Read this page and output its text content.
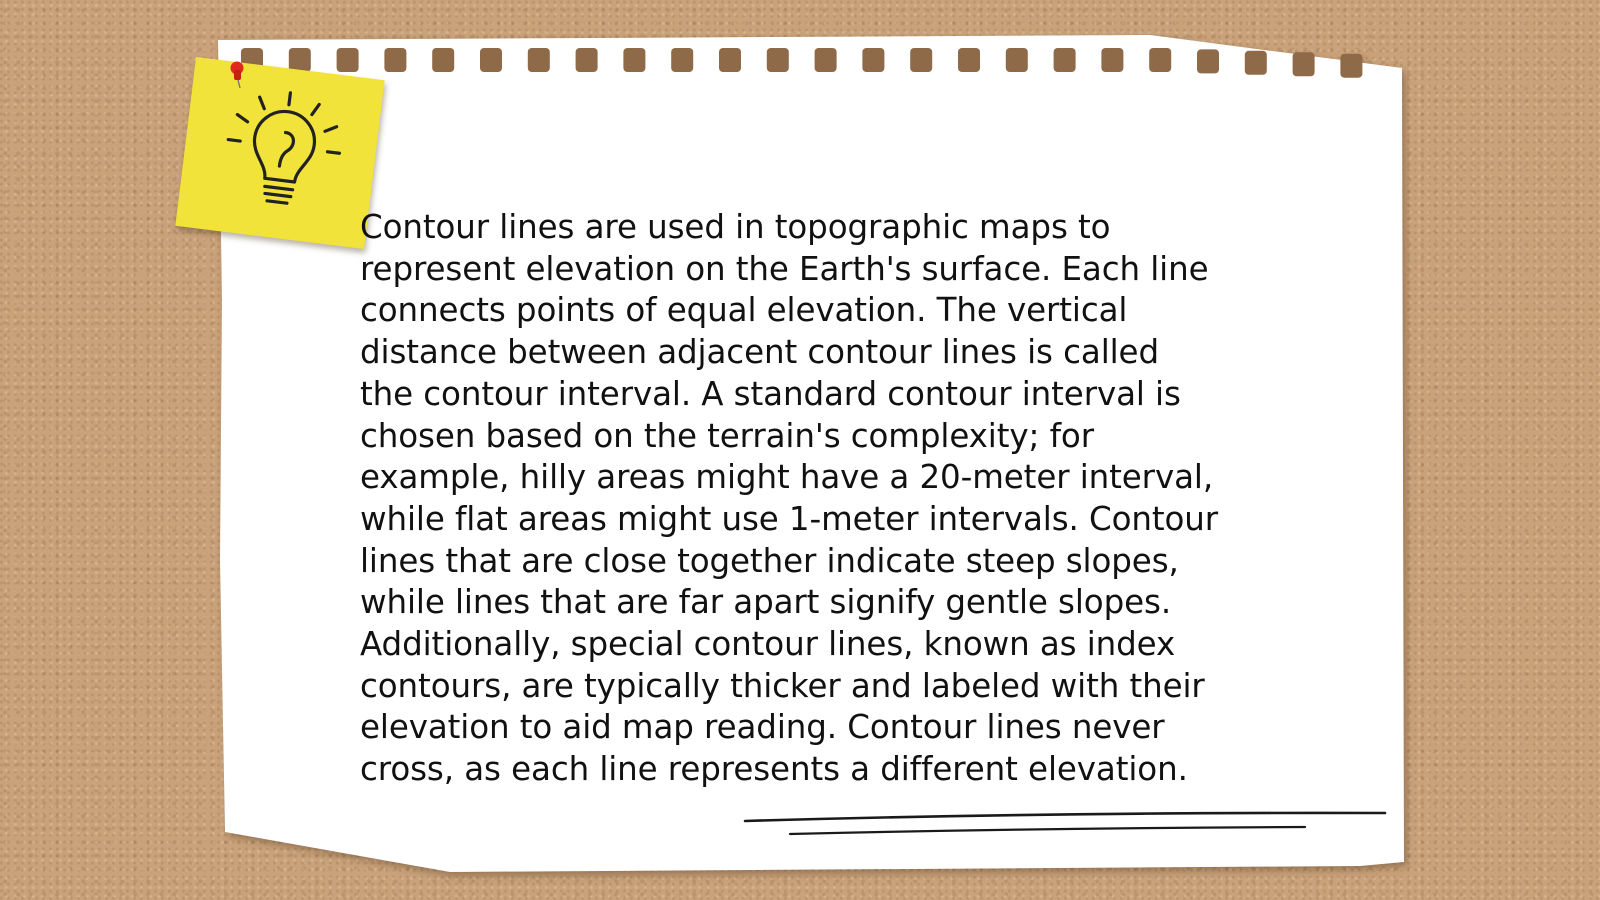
Contour lines are used in topographic maps to represent elevation on the Earth's surface. Each line connects points of equal elevation. The vertical distance between adjacent contour lines is called the contour interval. A standard contour interval is chosen based on the terrain's complexity; for example, hilly areas might have a 20-meter interval, while flat areas might use 1-meter intervals. Contour lines that are close together indicate steep slopes, while lines that are far apart signify gentle slopes. Additionally, special contour lines, known as index contours, are typically thicker and labeled with their elevation to aid map reading. Contour lines never cross, as each line represents a different elevation.
